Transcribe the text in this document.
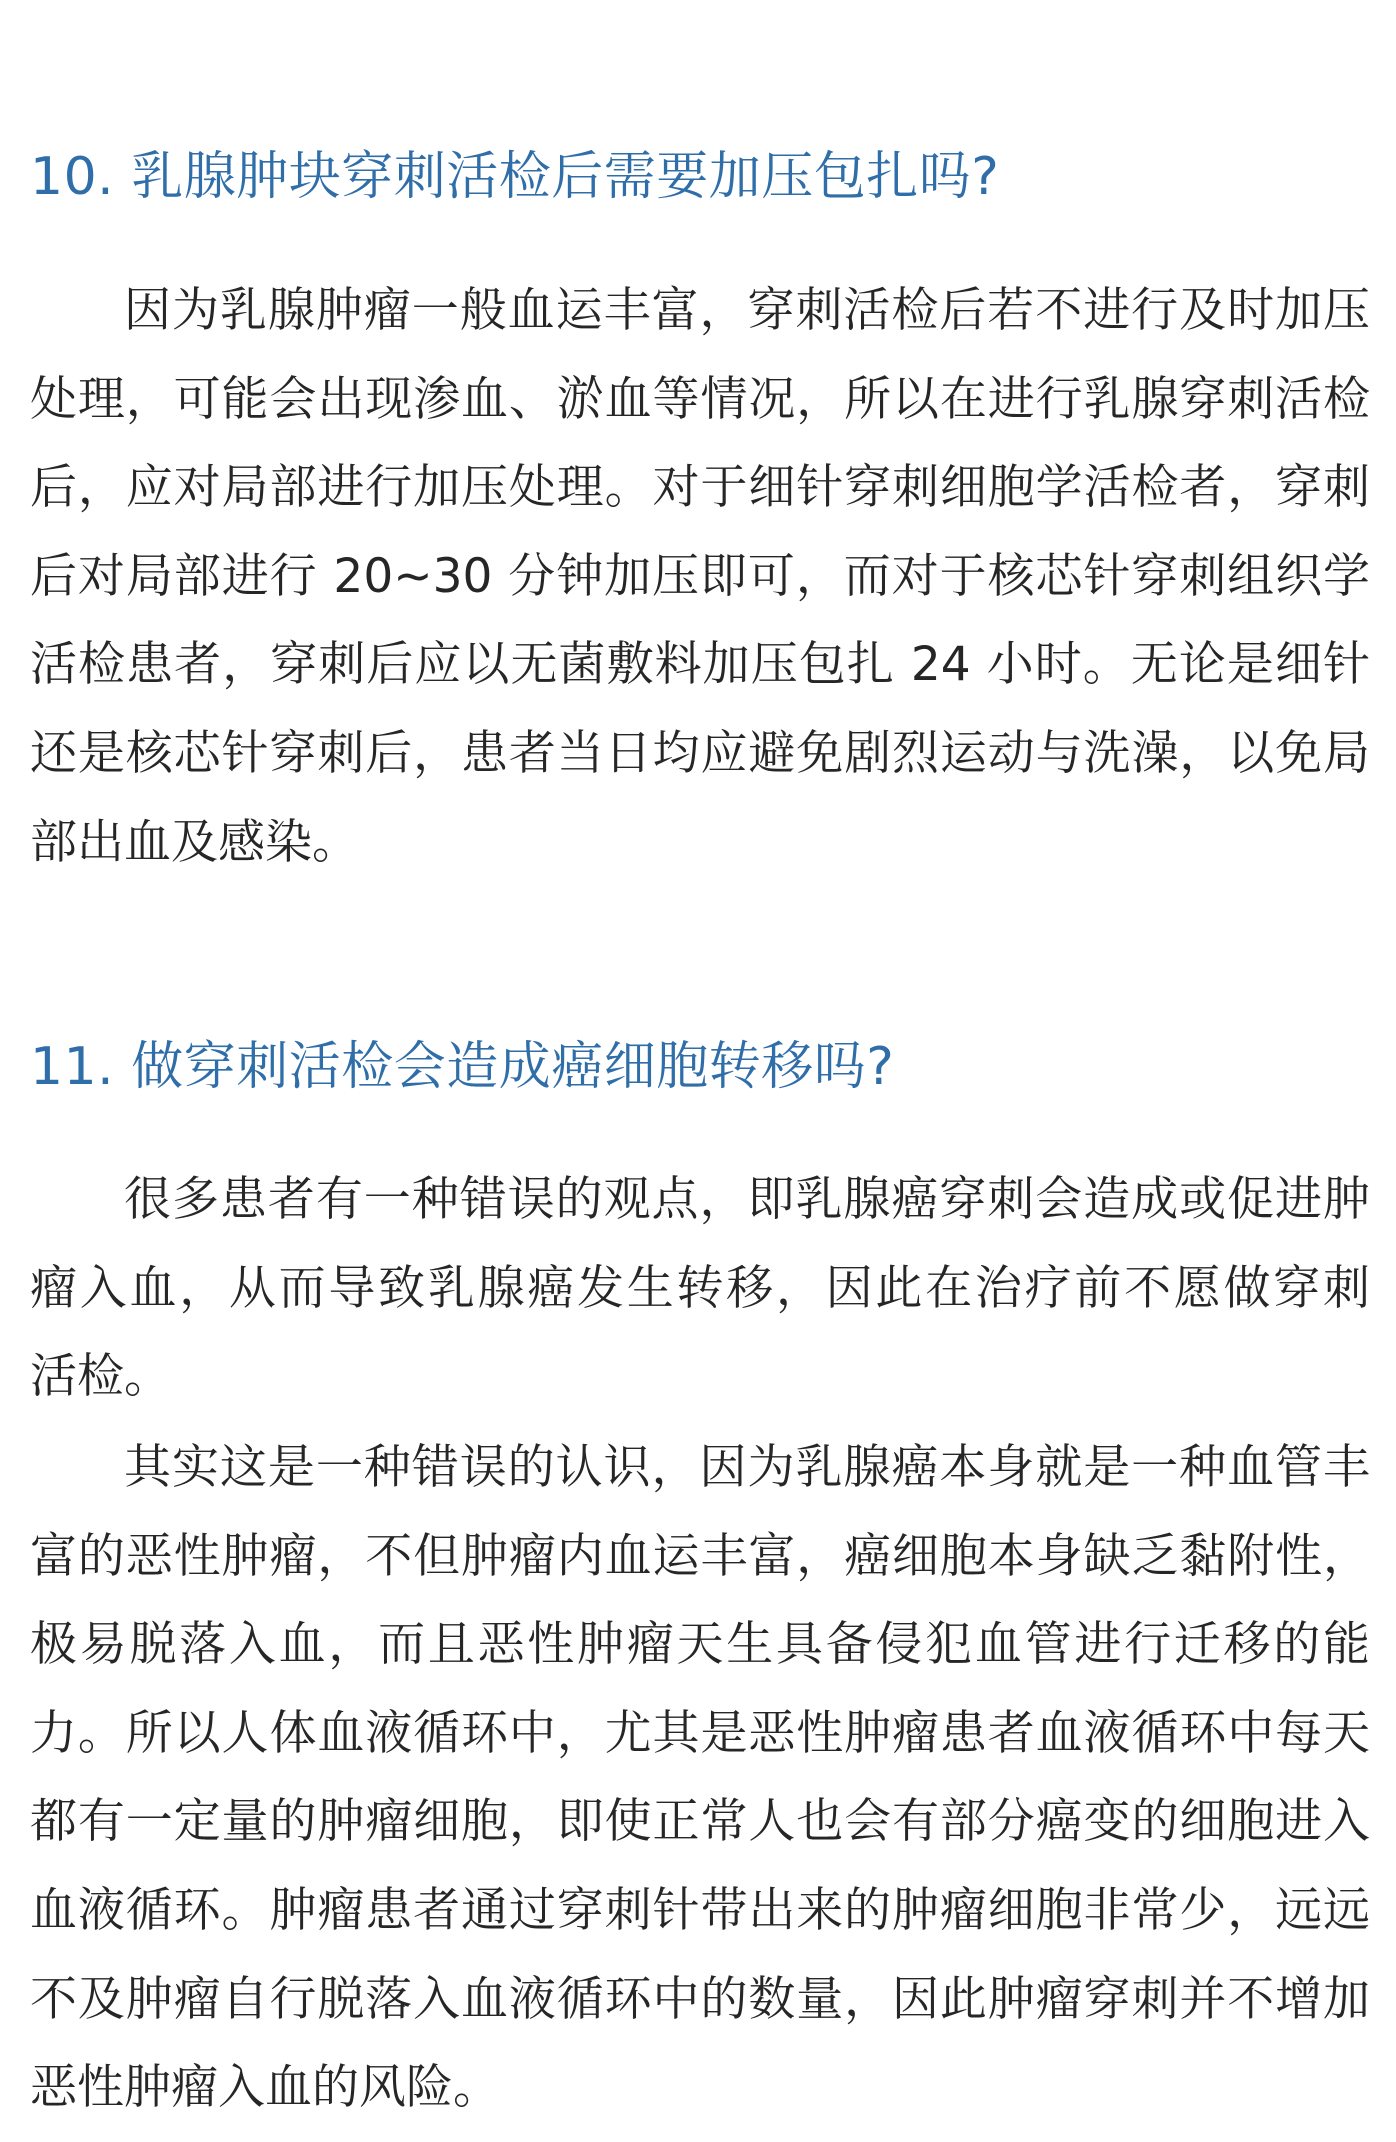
10. 乳腺肿块穿刺活检后需要加压包扎吗?
因为乳腺肿瘤一般血运丰富，穿刺活检后若不进行及时加压
处理，可能会出现渗血、淤血等情况，所以在进行乳腺穿刺活检
后，应对局部进行加压处理。对于细针穿刺细胞学活检者，穿刺
后对局部进行 20~30 分钟加压即可，而对于核芯针穿刺组织学
活检患者，穿刺后应以无菌敷料加压包扎 24 小时。无论是细针
还是核芯针穿刺后，患者当日均应避免剧烈运动与洗澡，以免局
部出血及感染。
11. 做穿刺活检会造成癌细胞转移吗?
很多患者有一种错误的观点，即乳腺癌穿刺会造成或促进肿
瘤入血，从而导致乳腺癌发生转移，因此在治疗前不愿做穿刺
活检。
其实这是一种错误的认识，因为乳腺癌本身就是一种血管丰
富的恶性肿瘤，不但肿瘤内血运丰富，癌细胞本身缺乏黏附性，
极易脱落入血，而且恶性肿瘤天生具备侵犯血管进行迁移的能
力。所以人体血液循环中，尤其是恶性肿瘤患者血液循环中每天
都有一定量的肿瘤细胞，即使正常人也会有部分癌变的细胞进入
血液循环。肿瘤患者通过穿刺针带出来的肿瘤细胞非常少，远远
不及肿瘤自行脱落入血液循环中的数量，因此肿瘤穿刺并不增加
恶性肿瘤入血的风险。
